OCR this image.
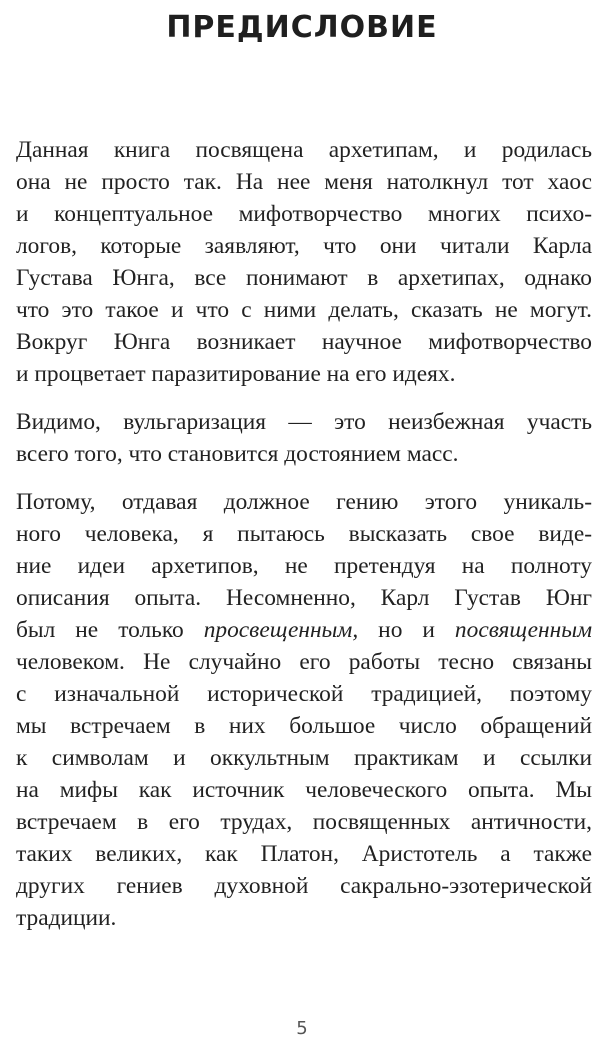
ПРЕДИСЛОВИЕ

Данная книга посвящена архетипам, и родилась
она не просто так. На нее меня натолкнул тот хаос
и концептуальное мифотворчество многих психо-
логов, которые заявляют, что они читали Карла
Густава Юнга, все понимают в архетипах, однако
что это такое и что с ними делать, сказать не могут.
Вокруг Юнга возникает научное мифотворчество
и процветает паразитирование на его идеях.

Видимо, вульгаризация — это неизбежная участь
всего того, что становится достоянием масс.

Потому, отдавая должное гению этого уникаль-
ного человека, я пытаюсь высказать свое виде-
ние идеи архетипов, не претендуя на полноту
описания опыта. Несомненно, Карл Густав Юнг
был не только просвещенным, но и посвященным
человеком. Не случайно его работы тесно связаны
с изначальной исторической традицией, поэтому
мы встречаем в них большое число обращений
к символам и оккультным практикам и ссылки
на мифы как источник человеческого опыта. Мы
встречаем в его трудах, посвященных античности,
таких великих, как Платон, Аристотель а также
других гениев духовной сакрально-эзотерической
традиции.

5
